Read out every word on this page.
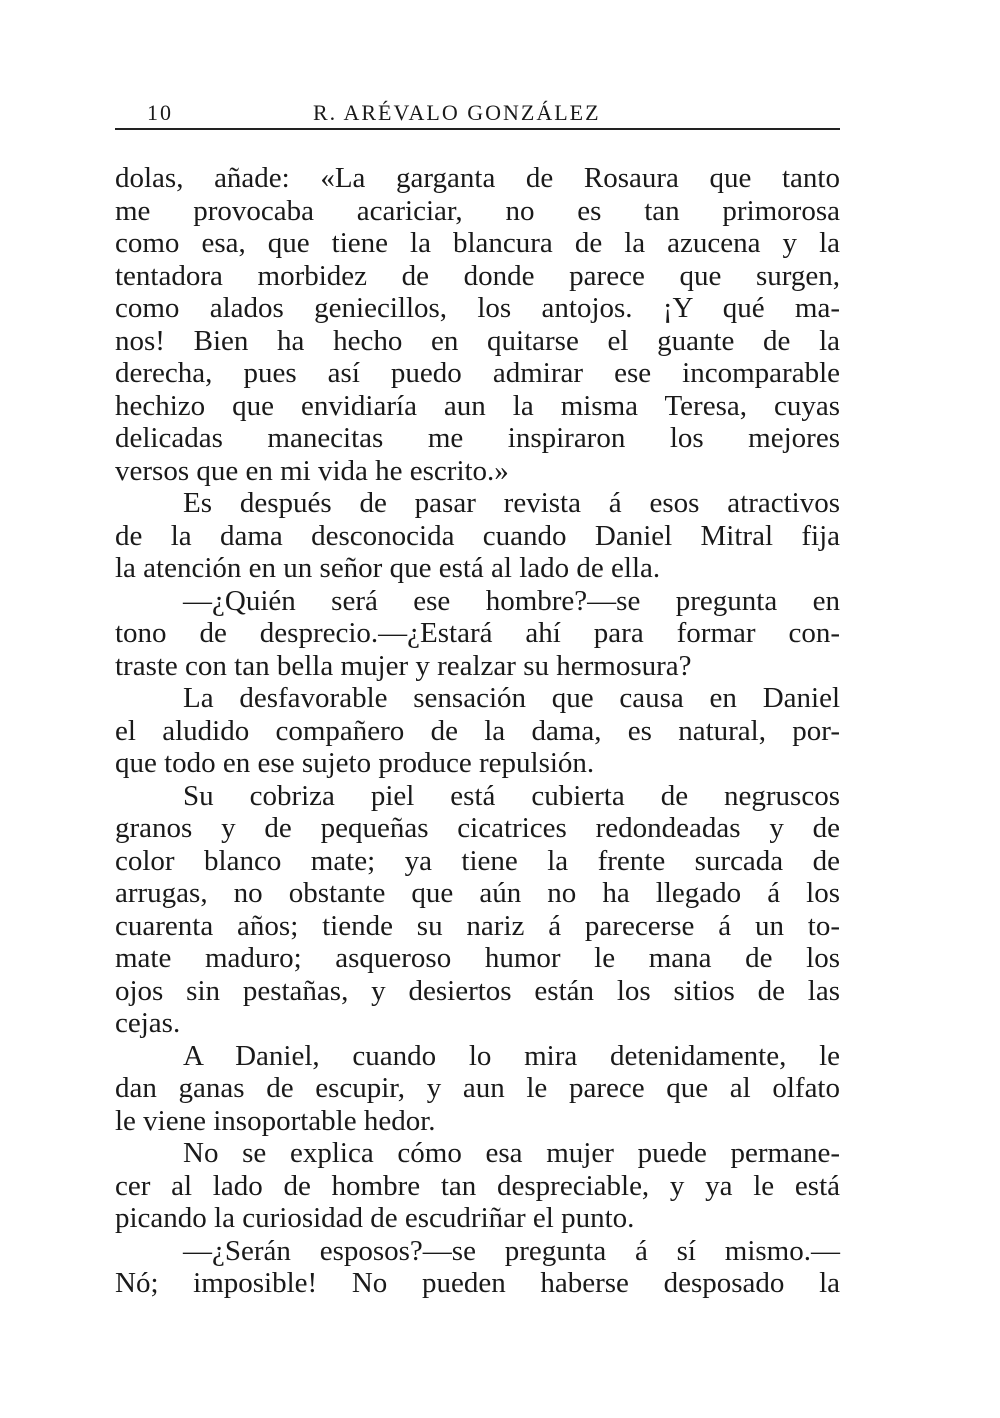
10	R. ARÉVALO GONZÁLEZ
dolas, añade: «La garganta de Rosaura que tanto
me provocaba acariciar, no es tan primorosa
como esa, que tiene la blancura de la azucena y la
tentadora morbidez de donde parece que surgen,
como alados geniecillos, los antojos. ¡Y qué ma-
nos! Bien ha hecho en quitarse el guante de la
derecha, pues así puedo admirar ese incomparable
hechizo que envidiaría aun la misma Teresa, cuyas
delicadas manecitas me inspiraron los mejores
versos que en mi vida he escrito.»
Es después de pasar revista á esos atractivos
de la dama desconocida cuando Daniel Mitral fija
la atención en un señor que está al lado de ella.
—¿Quién será ese hombre?—se pregunta en
tono de desprecio.—¿Estará ahí para formar con-
traste con tan bella mujer y realzar su hermosura?
La desfavorable sensación que causa en Daniel
el aludido compañero de la dama, es natural, por-
que todo en ese sujeto produce repulsión.
Su cobriza piel está cubierta de negruscos
granos y de pequeñas cicatrices redondeadas y de
color blanco mate; ya tiene la frente surcada de
arrugas, no obstante que aún no ha llegado á los
cuarenta años; tiende su nariz á parecerse á un to-
mate maduro; asqueroso humor le mana de los
ojos sin pestañas, y desiertos están los sitios de las
cejas.
A Daniel, cuando lo mira detenidamente, le
dan ganas de escupir, y aun le parece que al olfato
le viene insoportable hedor.
No se explica cómo esa mujer puede permane-
cer al lado de hombre tan despreciable, y ya le está
picando la curiosidad de escudriñar el punto.
—¿Serán esposos?—se pregunta á sí mismo.—
Nó; imposible! No pueden haberse desposado la
